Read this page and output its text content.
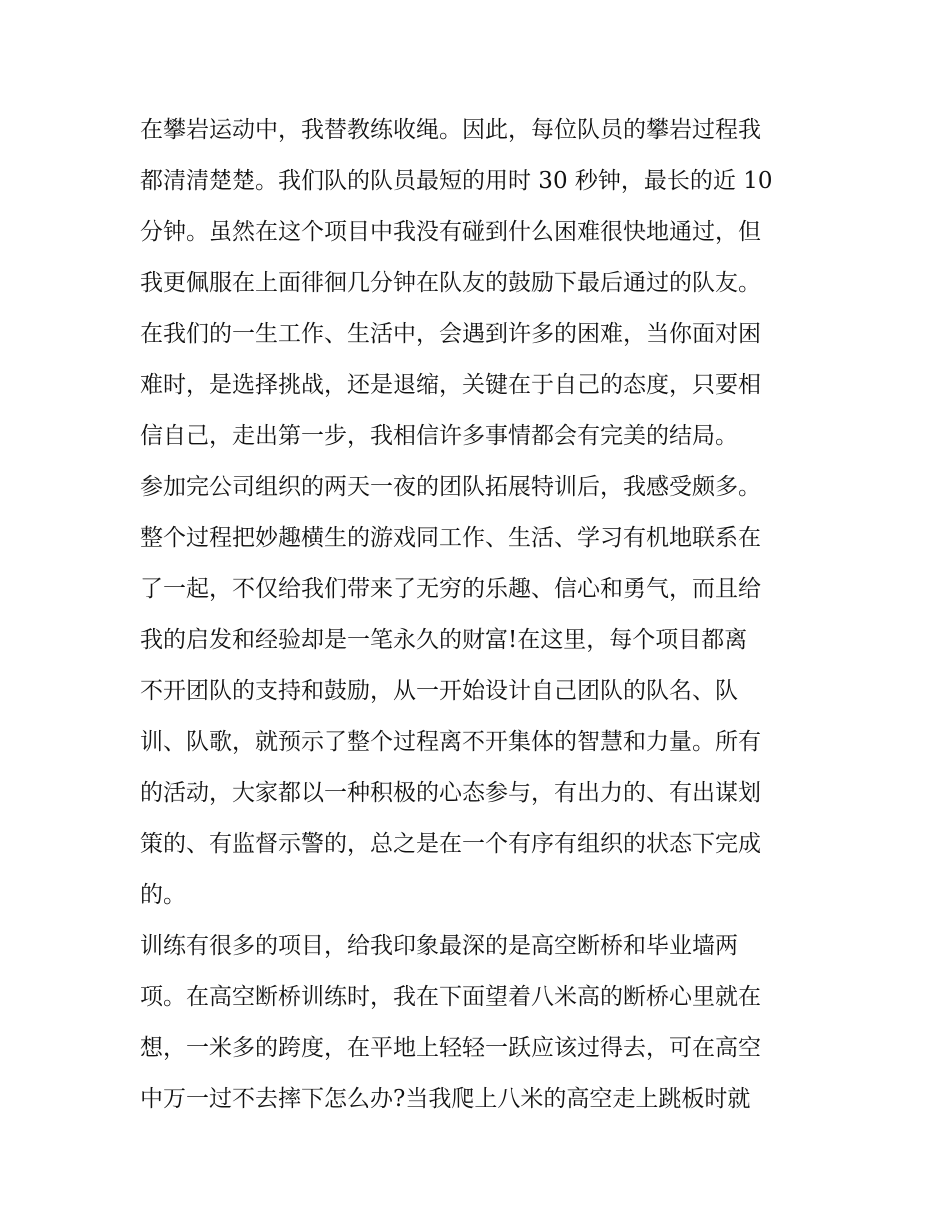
在攀岩运动中，我替教练收绳。因此，每位队员的攀岩过程我
都清清楚楚。我们队的队员最短的用时 30 秒钟，最长的近 10
分钟。虽然在这个项目中我没有碰到什么困难很快地通过，但
我更佩服在上面徘徊几分钟在队友的鼓励下最后通过的队友。
在我们的一生工作、生活中，会遇到许多的困难，当你面对困
难时，是选择挑战，还是退缩，关键在于自己的态度，只要相
信自己，走出第一步，我相信许多事情都会有完美的结局。
参加完公司组织的两天一夜的团队拓展特训后，我感受颇多。
整个过程把妙趣横生的游戏同工作、生活、学习有机地联系在
了一起，不仅给我们带来了无穷的乐趣、信心和勇气，而且给
我的启发和经验却是一笔永久的财富!在这里，每个项目都离
不开团队的支持和鼓励，从一开始设计自己团队的队名、队
训、队歌，就预示了整个过程离不开集体的智慧和力量。所有
的活动，大家都以一种积极的心态参与，有出力的、有出谋划
策的、有监督示警的，总之是在一个有序有组织的状态下完成
的。
训练有很多的项目，给我印象最深的是高空断桥和毕业墙两
项。在高空断桥训练时，我在下面望着八米高的断桥心里就在
想，一米多的跨度，在平地上轻轻一跃应该过得去，可在高空
中万一过不去摔下怎么办?当我爬上八米的高空走上跳板时就
